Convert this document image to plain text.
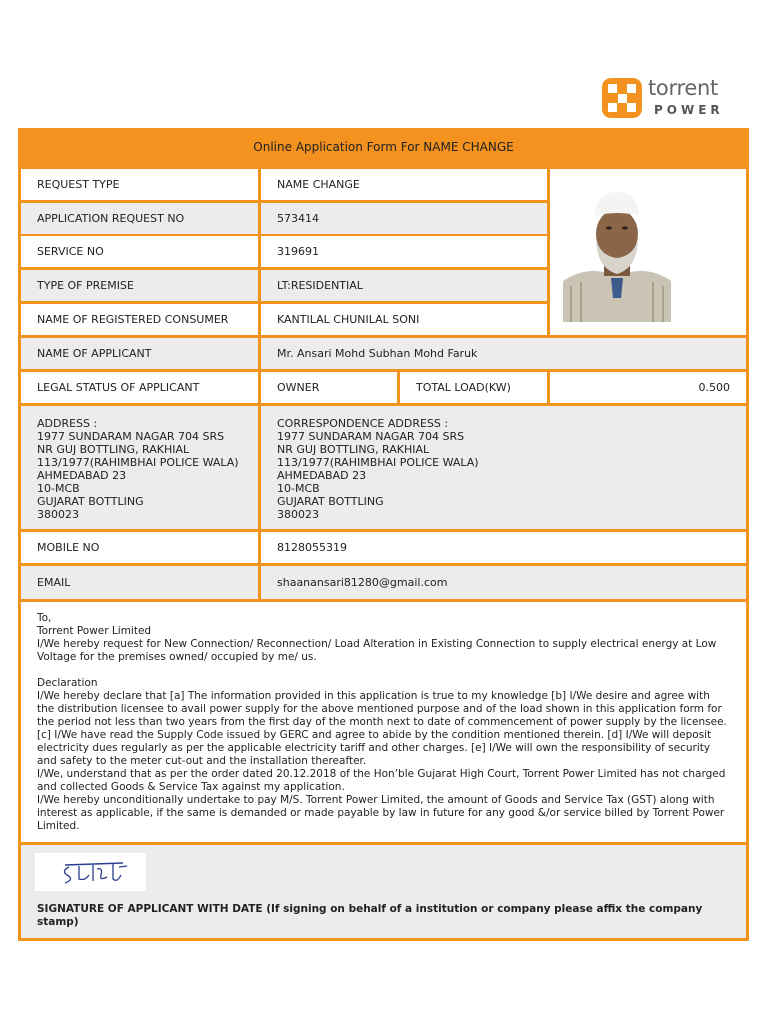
torrent
POWER
Online Application Form For NAME CHANGE
REQUEST TYPE	NAME CHANGE
APPLICATION REQUEST NO	573414
SERVICE NO	319691
TYPE OF PREMISE	LT:RESIDENTIAL
NAME OF REGISTERED CONSUMER	KANTILAL CHUNILAL SONI
NAME OF APPLICANT	Mr. Ansari Mohd Subhan Mohd Faruk
LEGAL STATUS OF APPLICANT	OWNER	TOTAL LOAD(KW)	0.500
ADDRESS :
1977 SUNDARAM NAGAR 704 SRS
NR GUJ BOTTLING, RAKHIAL
113/1977(RAHIMBHAI POLICE WALA)
AHMEDABAD 23
10-MCB
GUJARAT BOTTLING
380023
CORRESPONDENCE ADDRESS :
1977 SUNDARAM NAGAR 704 SRS
NR GUJ BOTTLING, RAKHIAL
113/1977(RAHIMBHAI POLICE WALA)
AHMEDABAD 23
10-MCB
GUJARAT BOTTLING
380023
MOBILE NO	8128055319
EMAIL	shaanansari81280@gmail.com
To,
Torrent Power Limited
I/We hereby request for New Connection/ Reconnection/ Load Alteration in Existing Connection to supply electrical energy at Low Voltage for the premises owned/ occupied by me/ us.

Declaration
I/We hereby declare that [a] The information provided in this application is true to my knowledge [b] I/We desire and agree with the distribution licensee to avail power supply for the above mentioned purpose and of the load shown in this application form for the period not less than two years from the first day of the month next to date of commencement of power supply by the licensee. [c] I/We have read the Supply Code issued by GERC and agree to abide by the condition mentioned therein. [d] I/We will deposit electricity dues regularly as per the applicable electricity tariff and other charges. [e] I/We will own the responsibility of security and safety to the meter cut-out and the installation thereafter.
I/We, understand that as per the order dated 20.12.2018 of the Hon’ble Gujarat High Court, Torrent Power Limited has not charged and collected Goods & Service Tax against my application.
I/We hereby unconditionally undertake to pay M/S. Torrent Power Limited, the amount of Goods and Service Tax (GST) along with interest as applicable, if the same is demanded or made payable by law in future for any good &/or service billed by Torrent Power Limited.
SIGNATURE OF APPLICANT WITH DATE (If signing on behalf of a institution or company please affix the company stamp)
